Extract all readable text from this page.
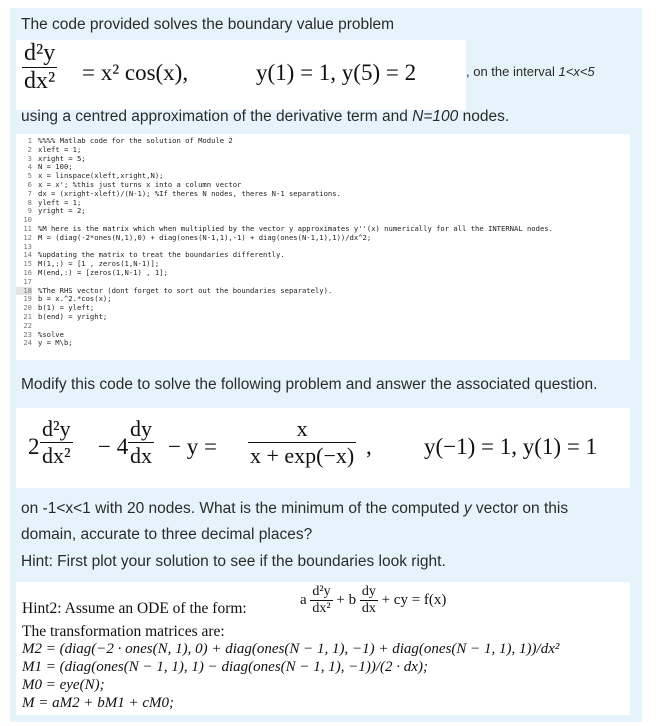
The code provided solves the boundary value problem
$\frac{\text{d²y}}{\text{dx²}} = x^2$ cos(x),	y(1) = 1, y(5) = 2	, on the interval 1<x<5
using a centred approximation of the derivative term and N=100 nodes.
1 %%%% Matlab code for the solution of Module 2
2 xleft = 1;
3 xright = 5;
4 N = 100;
5 x = linspace(xleft,xright,N);
6 x = x'; %this just turns x into a column vector
7 dx = (xright-xleft)/(N-1); %If theres N nodes, theres N-1 separations.
8 yleft = 1;
9 yright = 2;
10
11 %M here is the matrix which when multiplied by the vector y approximates y''(x) numerically for all the INTERNAL nodes.
12 M = (diag(-2*ones(N,1),0) + diag(ones(N-1,1),-1) + diag(ones(N-1,1),1))/dx^2;
13
14 %updating the matrix to treat the boundaries differently.
15 M(1,:) = [1 , zeros(1,N-1)];
16 M(end,:) = [zeros(1,N-1) , 1];
17
18 %The RHS vector (dont forget to sort out the boundaries separately).
19 b = x.^2.*cos(x);
20 b(1) = yleft;
21 b(end) = yright;
22
23 %solve
24 y = M\b;
Modify this code to solve the following problem and answer the associated question.
$2 \frac{\text{d²y}}{\text{dx²}} - 4 \frac{dy}{dx} - y = \frac{x}{x + \exp(-x)}$ , y(−1) = 1, y(1) = 1
on -1<x<1 with 20 nodes. What is the minimum of the computed y vector on this
domain, accurate to three decimal places?
Hint: First plot your solution to see if the boundaries look right.
Hint2: Assume an ODE of the form:	a $\frac{\text{d²y}}{\text{dx²}} + b \frac{dy}{dx}$ + cy = f(x)
The transformation matrices are:
M2 = (diag(−2 · ones(N, 1), 0) + diag(ones(N − 1, 1), −1) + diag(ones(N − 1, 1), 1))/dx²
M1 = (diag(ones(N − 1, 1), 1) − diag(ones(N − 1, 1), −1))/(2 · dx);
M0 = eye(N);
M = aM2 + bM1 + cM0;
